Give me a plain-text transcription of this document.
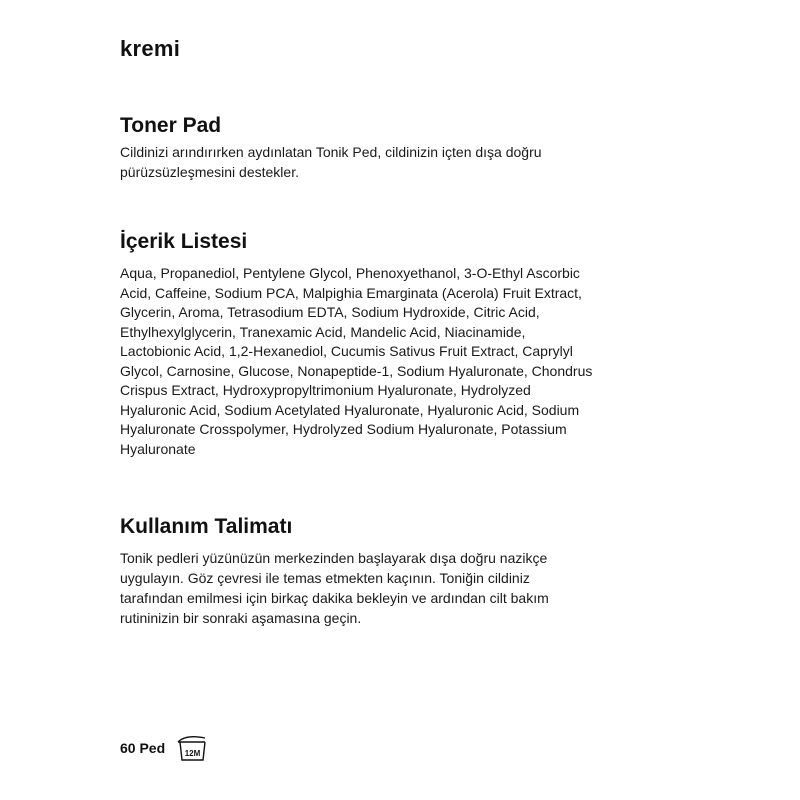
kremi
Toner Pad
Cildinizi arındırırken aydınlatan Tonik Ped, cildinizin içten dışa doğru
pürüzsüzleşmesini destekler.
İçerik Listesi
Aqua, Propanediol, Pentylene Glycol, Phenoxyethanol, 3-O-Ethyl Ascorbic
Acid, Caffeine, Sodium PCA, Malpighia Emarginata (Acerola) Fruit Extract,
Glycerin, Aroma, Tetrasodium EDTA, Sodium Hydroxide, Citric Acid,
Ethylhexylglycerin, Tranexamic Acid, Mandelic Acid, Niacinamide,
Lactobionic Acid, 1,2-Hexanediol, Cucumis Sativus Fruit Extract, Caprylyl
Glycol, Carnosine, Glucose, Nonapeptide-1, Sodium Hyaluronate, Chondrus
Crispus Extract, Hydroxypropyltrimonium Hyaluronate, Hydrolyzed
Hyaluronic Acid, Sodium Acetylated Hyaluronate, Hyaluronic Acid, Sodium
Hyaluronate Crosspolymer, Hydrolyzed Sodium Hyaluronate, Potassium
Hyaluronate
Kullanım Talimatı
Tonik pedleri yüzünüzün merkezinden başlayarak dışa doğru nazikçe
uygulayın. Göz çevresi ile temas etmekten kaçının. Toniğin cildiniz
tarafından emilmesi için birkaç dakika bekleyin ve ardından cilt bakım
rutininizin bir sonraki aşamasına geçin.
60 Ped 12M
